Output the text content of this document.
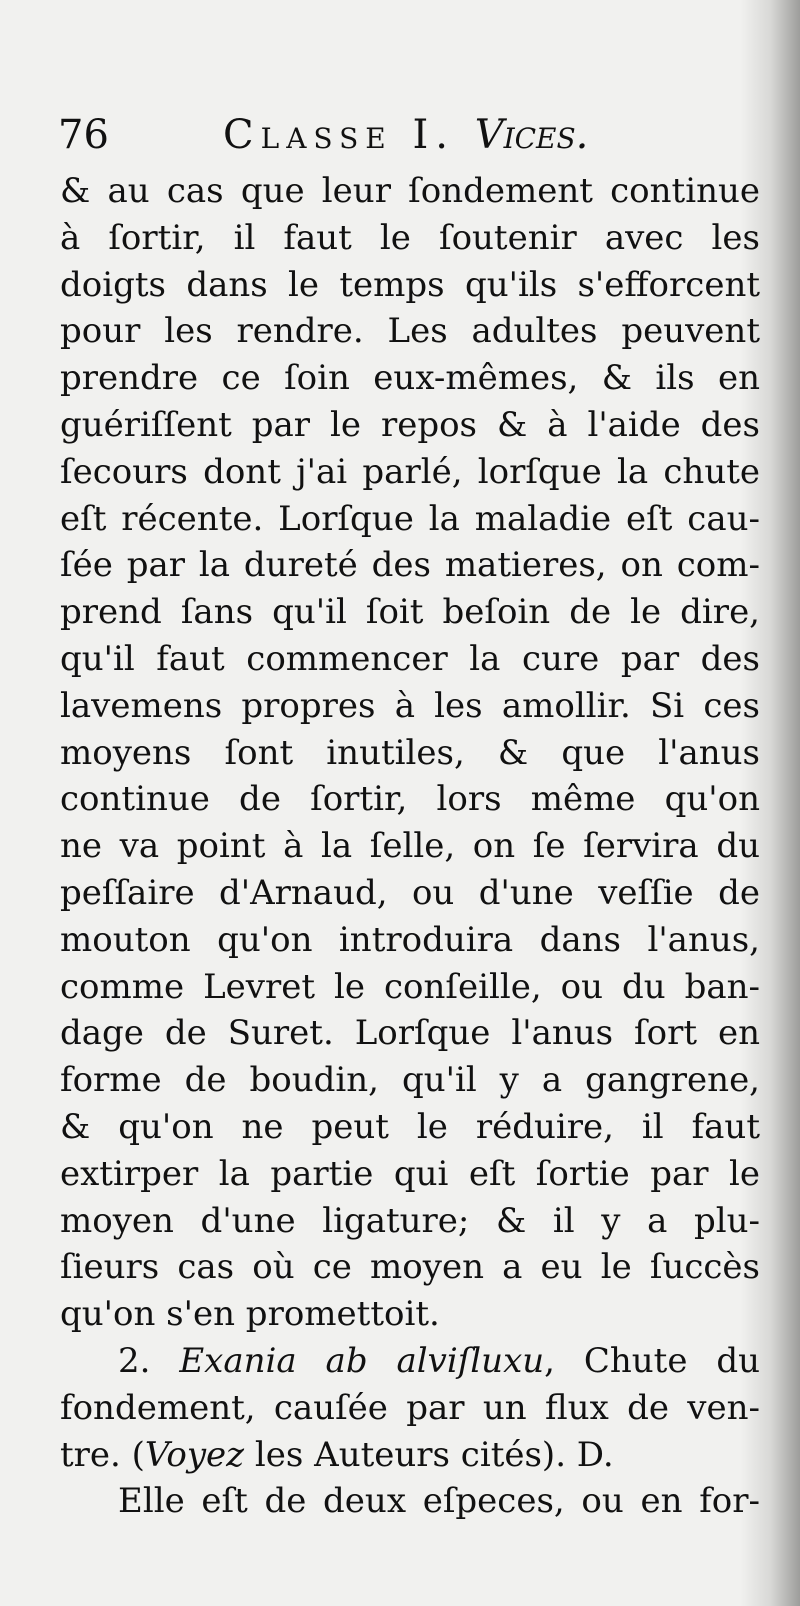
76	Classe I. Vices.
& au cas que leur ſondement continue
à ſortir, il faut le ſoutenir avec les
doigts dans le temps qu'ils s'efforcent
pour les rendre. Les adultes peuvent
prendre ce ſoin eux-mêmes, & ils en
guériſſent par le repos & à l'aide des
ſecours dont j'ai parlé, lorſque la chute
eſt récente. Lorſque la maladie eſt cau-
ſée par la dureté des matieres, on com-
prend ſans qu'il ſoit beſoin de le dire,
qu'il faut commencer la cure par des
lavemens propres à les amollir. Si ces
moyens ſont inutiles, & que l'anus
continue de ſortir, lors même qu'on
ne va point à la ſelle, on ſe ſervira du
peſſaire d'Arnaud, ou d'une veſſie de
mouton qu'on introduira dans l'anus,
comme Levret le conſeille, ou du ban-
dage de Suret. Lorſque l'anus ſort en
forme de boudin, qu'il y a gangrene,
& qu'on ne peut le réduire, il faut
extirper la partie qui eſt ſortie par le
moyen d'une ligature; & il y a plu-
ſieurs cas où ce moyen a eu le ſuccès
qu'on s'en promettoit.
2. Exania ab alviſluxu, Chute du
fondement, cauſée par un flux de ven-
tre. (Voyez les Auteurs cités). D.
Elle eſt de deux eſpeces, ou en for-
